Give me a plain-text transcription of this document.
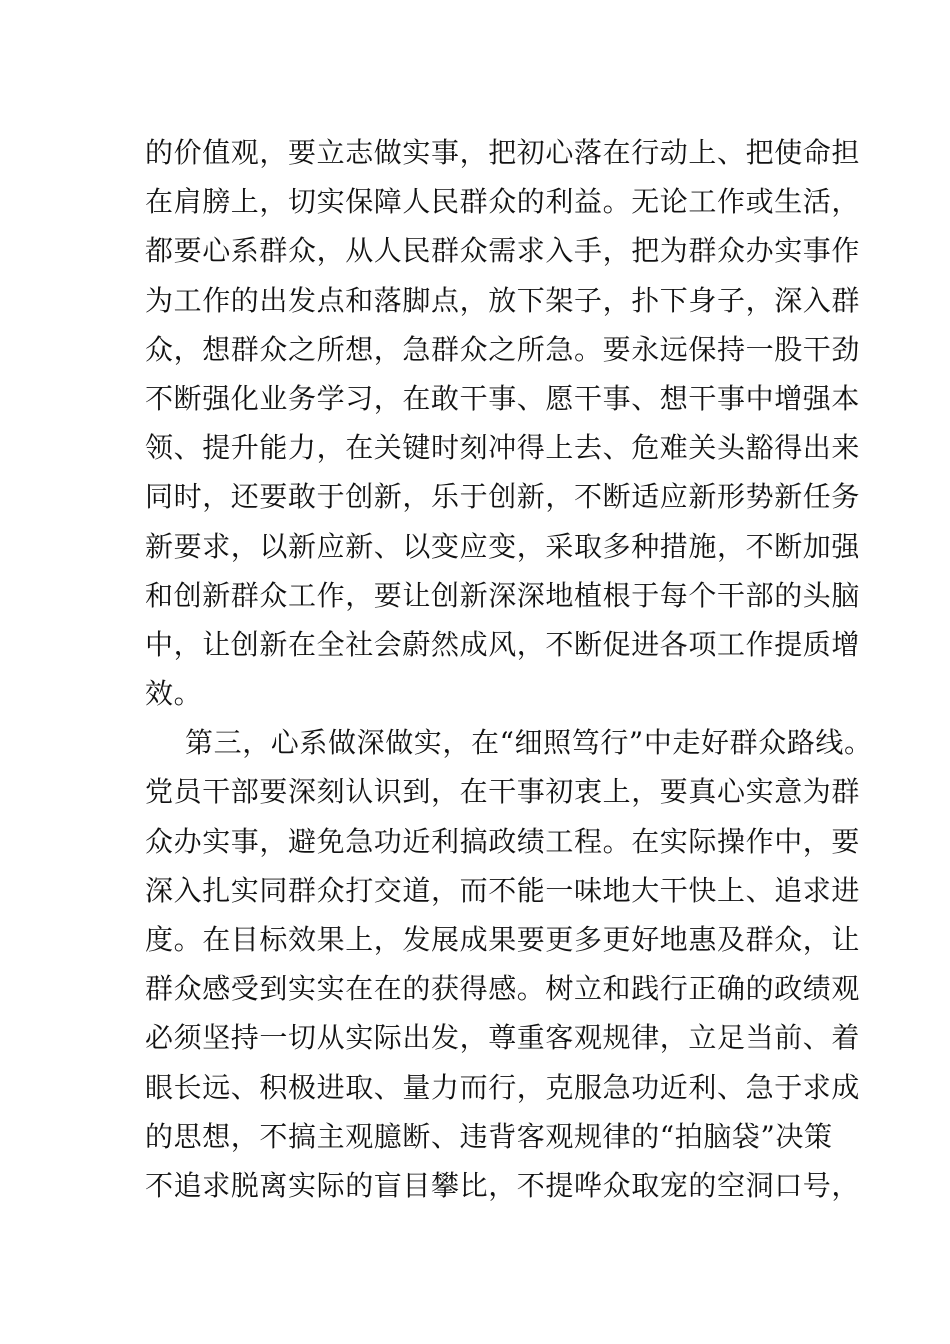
的价值观，要立志做实事，把初心落在行动上、把使命担
在肩膀上，切实保障人民群众的利益。无论工作或生活，
都要心系群众，从人民群众需求入手，把为群众办实事作
为工作的出发点和落脚点，放下架子，扑下身子，深入群
众，想群众之所想，急群众之所急。要永远保持一股干劲
不断强化业务学习，在敢干事、愿干事、想干事中增强本
领、提升能力，在关键时刻冲得上去、危难关头豁得出来
同时，还要敢于创新，乐于创新，不断适应新形势新任务
新要求，以新应新、以变应变，采取多种措施，不断加强
和创新群众工作，要让创新深深地植根于每个干部的头脑
中，让创新在全社会蔚然成风，不断促进各项工作提质增
效。
第三，心系做深做实，在“细照笃行”中走好群众路线。
党员干部要深刻认识到，在干事初衷上，要真心实意为群
众办实事，避免急功近利搞政绩工程。在实际操作中，要
深入扎实同群众打交道，而不能一味地大干快上、追求进
度。在目标效果上，发展成果要更多更好地惠及群众，让
群众感受到实实在在的获得感。树立和践行正确的政绩观
必须坚持一切从实际出发，尊重客观规律，立足当前、着
眼长远、积极进取、量力而行，克服急功近利、急于求成
的思想，不搞主观臆断、违背客观规律的“拍脑袋”决策
不追求脱离实际的盲目攀比，不提哗众取宠的空洞口号，
